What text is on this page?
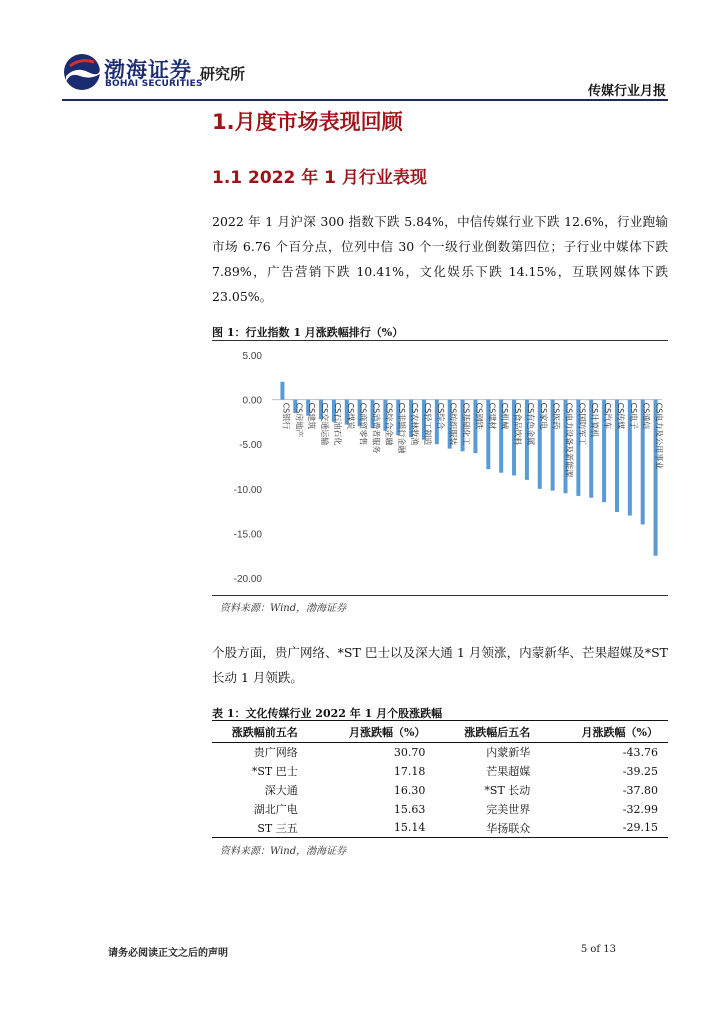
渤海证券
BOHAI SECURITIES
研究所
传媒行业月报
1.月度市场表现回顾
1.1 2022 年 1 月行业表现

2022 年 1 月沪深 300 指数下跌 5.84%，中信传媒行业下跌 12.6%，行业跑输市场 6.76 个百分点，位列中信 30 个一级行业倒数第四位；子行业中媒体下跌 7.89%，广告营销下跌 10.41%，文化娱乐下跌 14.15%，互联网媒体下跌 23.05%。

图 1：行业指数 1 月涨跌幅排行（%）
5.00
0.00
-5.00
-10.00
-15.00
-20.00
CS银行 CS房地产 CS建筑 CS交通运输 CS石油石化 CS煤炭 CS商贸零售 CS消费者服务 CS综合金融 CS非银行金融 CS农林牧渔 CS轻工制造 CS综合 CS纺织服装 CS基础化工 CS钢铁 CS建材 CS机械 CS食品饮料 CS有色金属 CS家电 CS医药 CS电力设备及新能源 CS国防军工 CS计算机 CS汽车 CS传媒 CS电子 CS通信 CS电力及公用事业
资料来源：Wind，渤海证券

个股方面，贵广网络、*ST 巴士以及深大通 1 月领涨，内蒙新华、芒果超媒及*ST 长动 1 月领跌。

表 1：文化传媒行业 2022 年 1 月个股涨跌幅
涨跌幅前五名	月涨跌幅（%）	涨跌幅后五名	月涨跌幅（%）
贵广网络	30.70	内蒙新华	-43.76
*ST 巴士	17.18	芒果超媒	-39.25
深大通	16.30	*ST 长动	-37.80
湖北广电	15.63	完美世界	-32.99
ST 三五	15.14	华扬联众	-29.15
资料来源：Wind，渤海证券
请务必阅读正文之后的声明	5 of 13
